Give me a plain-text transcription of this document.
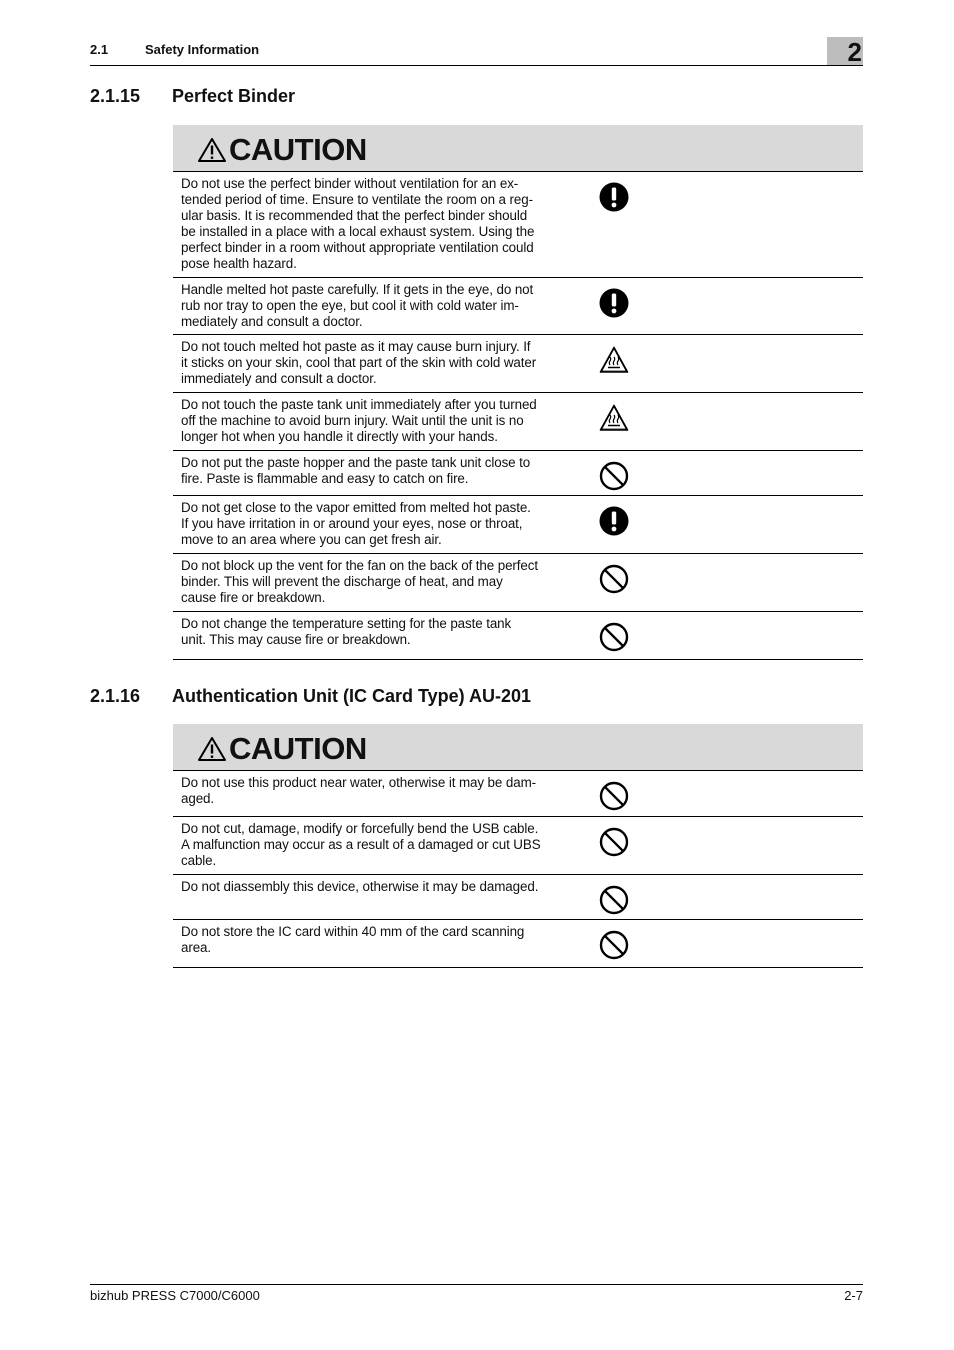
2.1	Safety Information	2
2.1.15 Perfect Binder
CAUTION
Do not use the perfect binder without ventilation for an ex-
tended period of time. Ensure to ventilate the room on a reg-
ular basis. It is recommended that the perfect binder should
be installed in a place with a local exhaust system. Using the
perfect binder in a room without appropriate ventilation could
pose health hazard.
Handle melted hot paste carefully. If it gets in the eye, do not
rub nor tray to open the eye, but cool it with cold water im-
mediately and consult a doctor.
Do not touch melted hot paste as it may cause burn injury. If
it sticks on your skin, cool that part of the skin with cold water
immediately and consult a doctor.
Do not touch the paste tank unit immediately after you turned
off the machine to avoid burn injury. Wait until the unit is no
longer hot when you handle it directly with your hands.
Do not put the paste hopper and the paste tank unit close to
fire. Paste is flammable and easy to catch on fire.
Do not get close to the vapor emitted from melted hot paste.
If you have irritation in or around your eyes, nose or throat,
move to an area where you can get fresh air.
Do not block up the vent for the fan on the back of the perfect
binder. This will prevent the discharge of heat, and may
cause fire or breakdown.
Do not change the temperature setting for the paste tank
unit. This may cause fire or breakdown.
2.1.16 Authentication Unit (IC Card Type) AU-201
CAUTION
Do not use this product near water, otherwise it may be dam-
aged.
Do not cut, damage, modify or forcefully bend the USB cable.
A malfunction may occur as a result of a damaged or cut UBS
cable.
Do not diassembly this device, otherwise it may be damaged.
Do not store the IC card within 40 mm of the card scanning
area.
bizhub PRESS C7000/C6000	2-7
